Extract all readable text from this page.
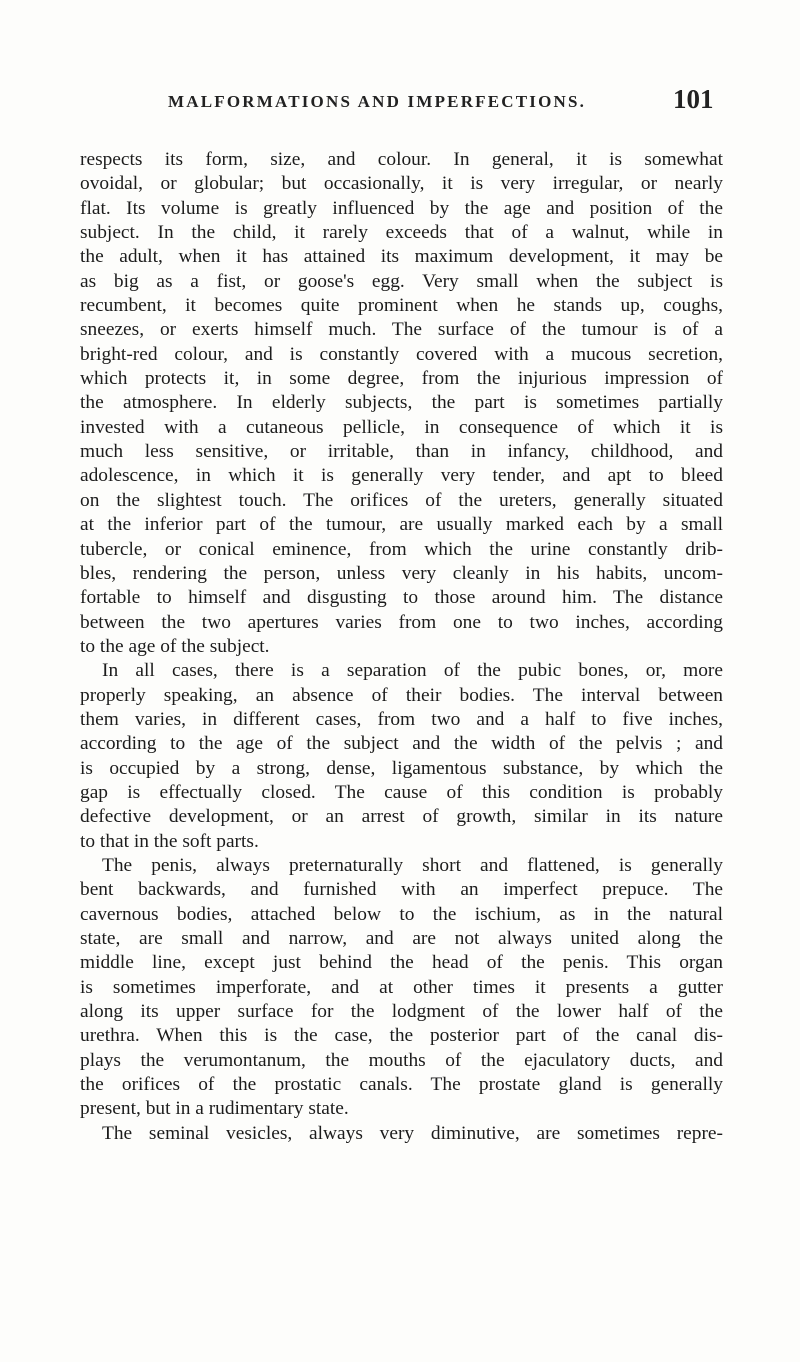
MALFORMATIONS AND IMPERFECTIONS.	101
respects its form, size, and colour. In general, it is somewhat
ovoidal, or globular; but occasionally, it is very irregular, or nearly
flat. Its volume is greatly influenced by the age and position of the
subject. In the child, it rarely exceeds that of a walnut, while in
the adult, when it has attained its maximum development, it may be
as big as a fist, or goose's egg. Very small when the subject is
recumbent, it becomes quite prominent when he stands up, coughs,
sneezes, or exerts himself much. The surface of the tumour is of a
bright-red colour, and is constantly covered with a mucous secretion,
which protects it, in some degree, from the injurious impression of
the atmosphere. In elderly subjects, the part is sometimes partially
invested with a cutaneous pellicle, in consequence of which it is
much less sensitive, or irritable, than in infancy, childhood, and
adolescence, in which it is generally very tender, and apt to bleed
on the slightest touch. The orifices of the ureters, generally situated
at the inferior part of the tumour, are usually marked each by a small
tubercle, or conical eminence, from which the urine constantly drib-
bles, rendering the person, unless very cleanly in his habits, uncom-
fortable to himself and disgusting to those around him. The distance
between the two apertures varies from one to two inches, according
to the age of the subject.
In all cases, there is a separation of the pubic bones, or, more
properly speaking, an absence of their bodies. The interval between
them varies, in different cases, from two and a half to five inches,
according to the age of the subject and the width of the pelvis ; and
is occupied by a strong, dense, ligamentous substance, by which the
gap is effectually closed. The cause of this condition is probably
defective development, or an arrest of growth, similar in its nature
to that in the soft parts.
The penis, always preternaturally short and flattened, is generally
bent backwards, and furnished with an imperfect prepuce. The
cavernous bodies, attached below to the ischium, as in the natural
state, are small and narrow, and are not always united along the
middle line, except just behind the head of the penis. This organ
is sometimes imperforate, and at other times it presents a gutter
along its upper surface for the lodgment of the lower half of the
urethra. When this is the case, the posterior part of the canal dis-
plays the verumontanum, the mouths of the ejaculatory ducts, and
the orifices of the prostatic canals. The prostate gland is generally
present, but in a rudimentary state.
The seminal vesicles, always very diminutive, are sometimes repre-
